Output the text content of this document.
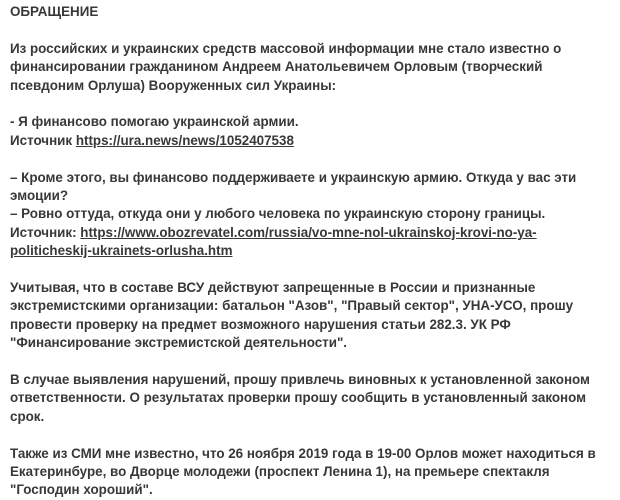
ОБРАЩЕНИЕ
Из российских и украинских средств массовой информации мне стало известно о
финансировании гражданином Андреем Анатольевичем Орловым (творческий
псевдоним Орлуша) Вооруженных сил Украины:
- Я финансово помогаю украинской армии.
Источник https://ura.news/news/1052407538
– Кроме этого, вы финансово поддерживаете и украинскую армию. Откуда у вас эти
эмоции?
– Ровно оттуда, откуда они у любого человека по украинскую сторону границы.
Источник: https://www.obozrevatel.com/russia/vo-mne-nol-ukrainskoj-krovi-no-ya-
politicheskij-ukrainets-orlusha.htm
Учитывая, что в составе ВСУ действуют запрещенные в России и признанные
экстремистскими организации: батальон "Азов", "Правый сектор", УНА-УСО, прошу
провести проверку на предмет возможного нарушения статьи 282.3. УК РФ
"Финансирование экстремистской деятельности".
В случае выявления нарушений, прошу привлечь виновных к установленной законом
ответственности. О результатах проверки прошу сообщить в установленный законом
срок.
Также из СМИ мне известно, что 26 ноября 2019 года в 19-00 Орлов может находиться в
Екатеринбуре, во Дворце молодежи (проспект Ленина 1), на премьере спектакля
"Господин хороший".
